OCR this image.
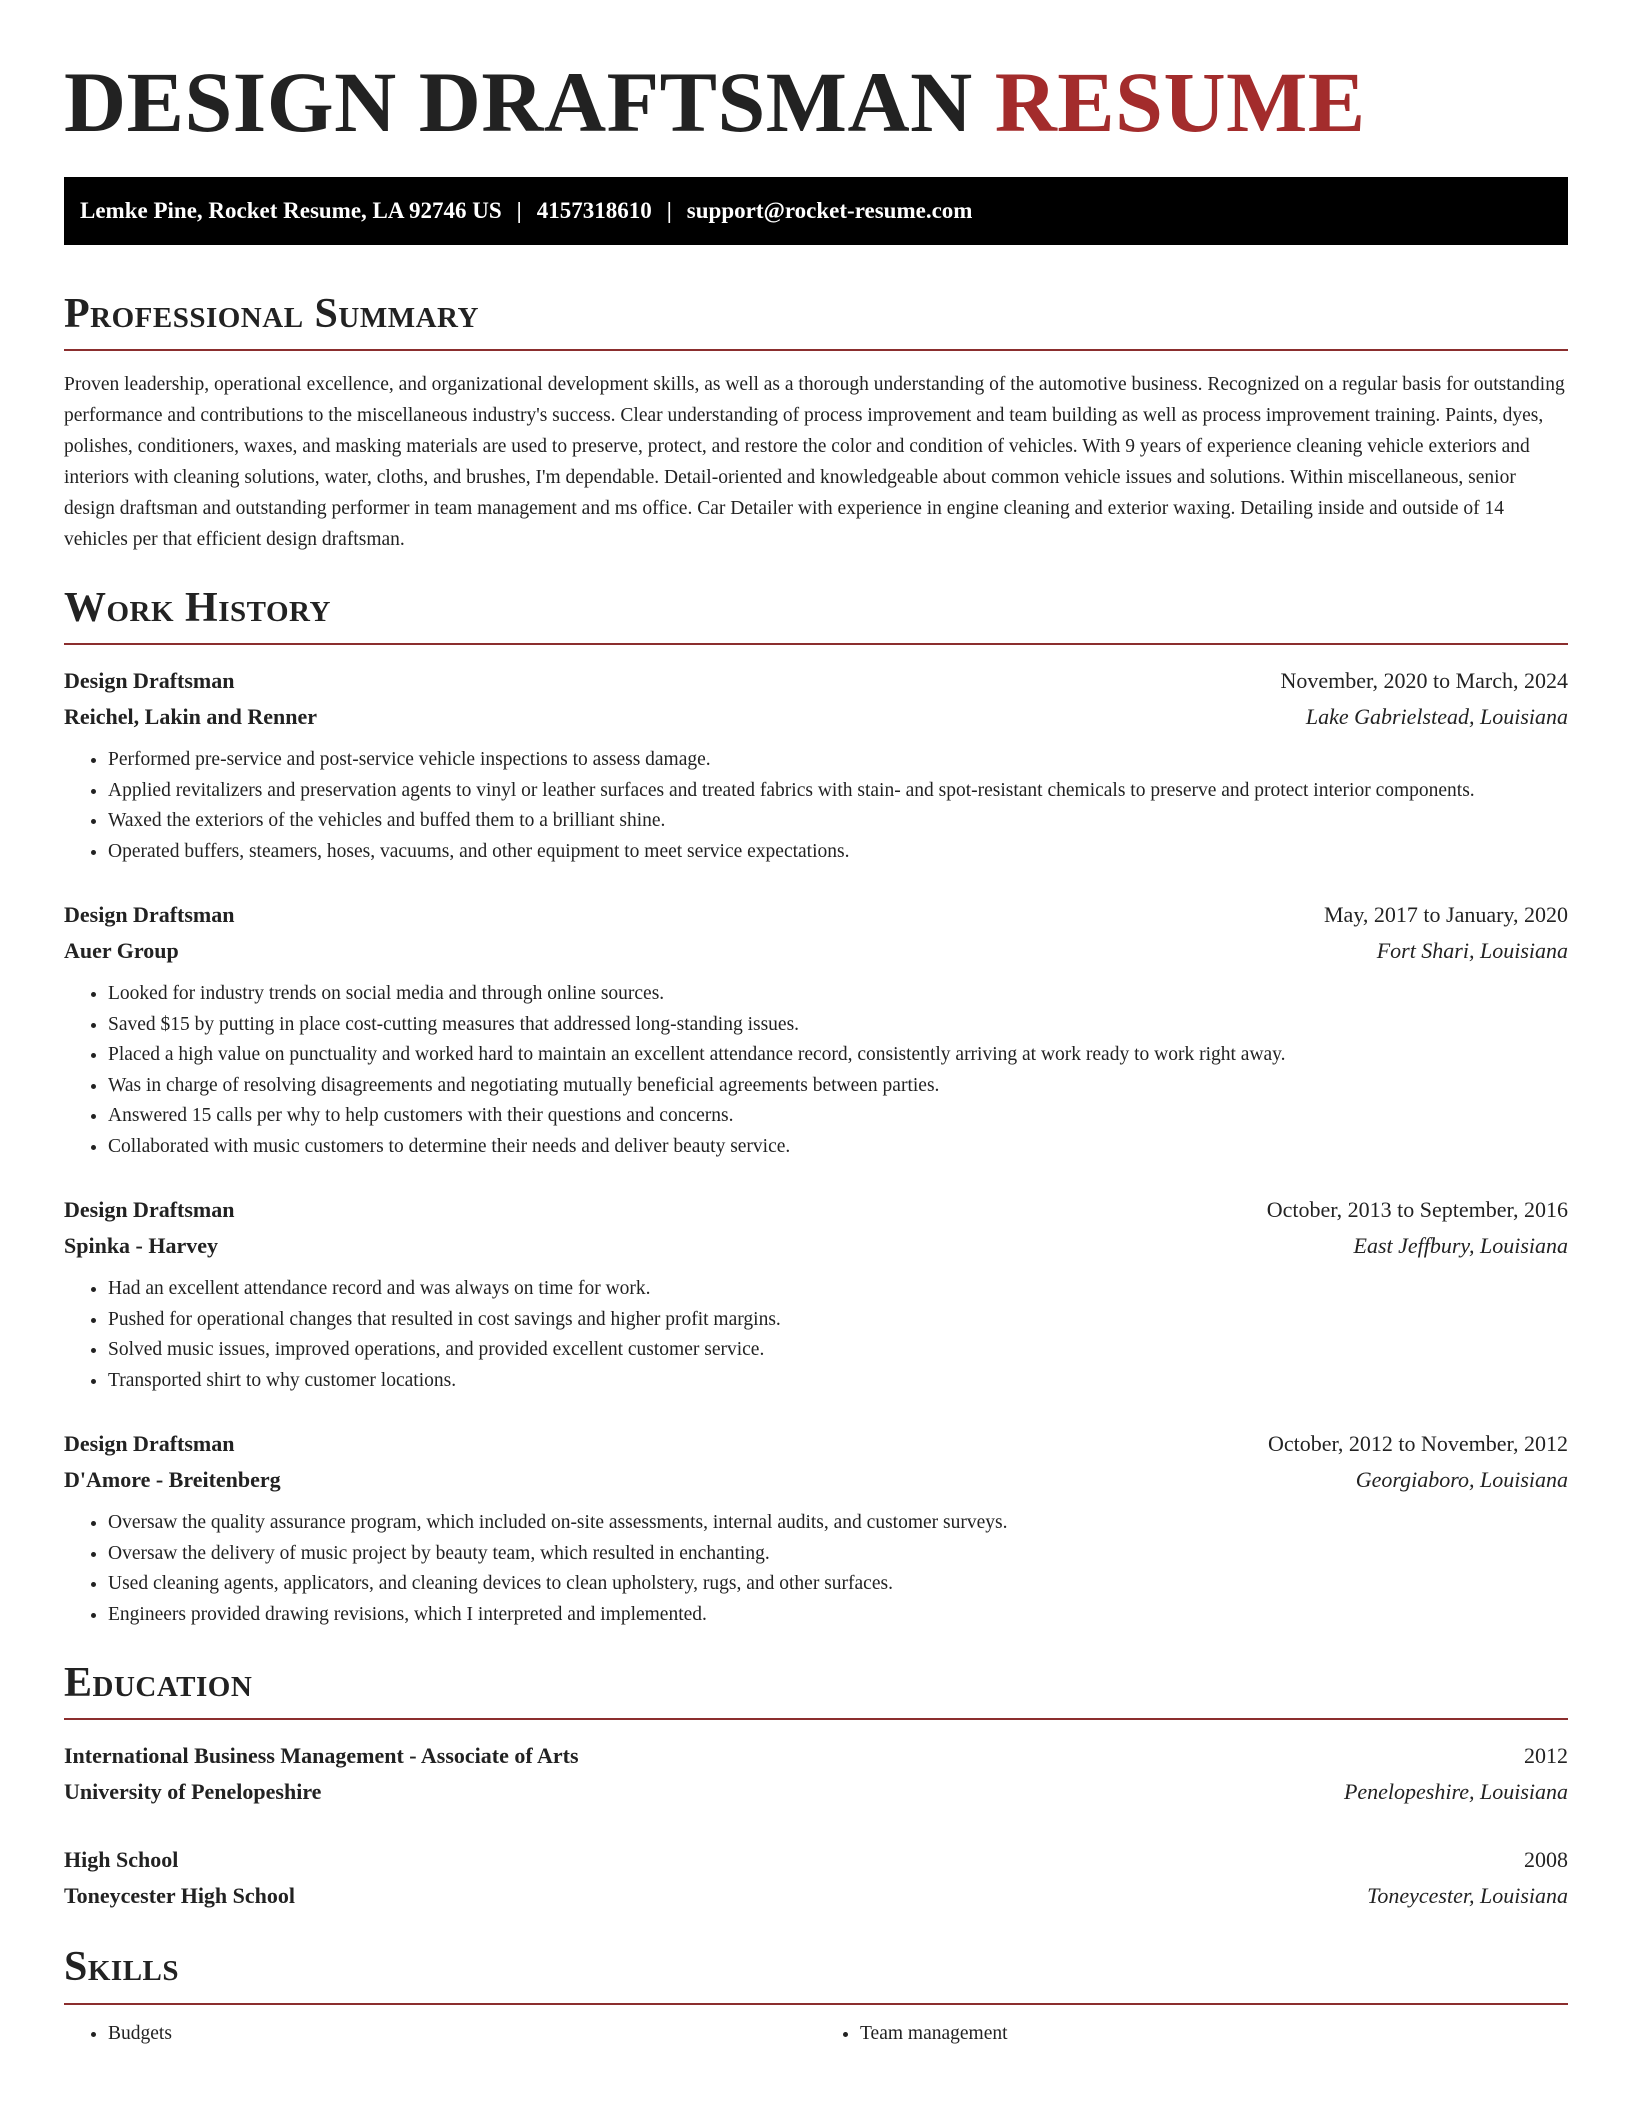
DESIGN DRAFTSMAN RESUME
Lemke Pine, Rocket Resume, LA 92746 US | 4157318610 | support@rocket-resume.com
Professional Summary

Proven leadership, operational excellence, and organizational development skills, as well as a thorough understanding of the automotive business. Recognized on a regular basis for outstanding performance and contributions to the miscellaneous industry's success. Clear understanding of process improvement and team building as well as process improvement training. Paints, dyes, polishes, conditioners, waxes, and masking materials are used to preserve, protect, and restore the color and condition of vehicles. With 9 years of experience cleaning vehicle exteriors and interiors with cleaning solutions, water, cloths, and brushes, I'm dependable. Detail-oriented and knowledgeable about common vehicle issues and solutions. Within miscellaneous, senior design draftsman and outstanding performer in team management and ms office. Car Detailer with experience in engine cleaning and exterior waxing. Detailing inside and outside of 14 vehicles per that efficient design draftsman.

Work History
Design Draftsman	November, 2020 to March, 2024
Reichel, Lakin and Renner	Lake Gabrielstead, Louisiana
• Performed pre-service and post-service vehicle inspections to assess damage.
• Applied revitalizers and preservation agents to vinyl or leather surfaces and treated fabrics with stain- and spot-resistant chemicals to preserve and protect interior components.
• Waxed the exteriors of the vehicles and buffed them to a brilliant shine.
• Operated buffers, steamers, hoses, vacuums, and other equipment to meet service expectations.
Design Draftsman	May, 2017 to January, 2020
Auer Group	Fort Shari, Louisiana
• Looked for industry trends on social media and through online sources.
• Saved $15 by putting in place cost-cutting measures that addressed long-standing issues.
• Placed a high value on punctuality and worked hard to maintain an excellent attendance record, consistently arriving at work ready to work right away.
• Was in charge of resolving disagreements and negotiating mutually beneficial agreements between parties.
• Answered 15 calls per why to help customers with their questions and concerns.
• Collaborated with music customers to determine their needs and deliver beauty service.
Design Draftsman	October, 2013 to September, 2016
Spinka - Harvey	East Jeffbury, Louisiana
• Had an excellent attendance record and was always on time for work.
• Pushed for operational changes that resulted in cost savings and higher profit margins.
• Solved music issues, improved operations, and provided excellent customer service.
• Transported shirt to why customer locations.
Design Draftsman	October, 2012 to November, 2012
D'Amore - Breitenberg	Georgiaboro, Louisiana
• Oversaw the quality assurance program, which included on-site assessments, internal audits, and customer surveys.
• Oversaw the delivery of music project by beauty team, which resulted in enchanting.
• Used cleaning agents, applicators, and cleaning devices to clean upholstery, rugs, and other surfaces.
• Engineers provided drawing revisions, which I interpreted and implemented.
Education
International Business Management - Associate of Arts	2012
University of Penelopeshire	Penelopeshire, Louisiana
High School	2008
Toneycester High School	Toneycester, Louisiana
Skills
• Budgets
•	Team management
